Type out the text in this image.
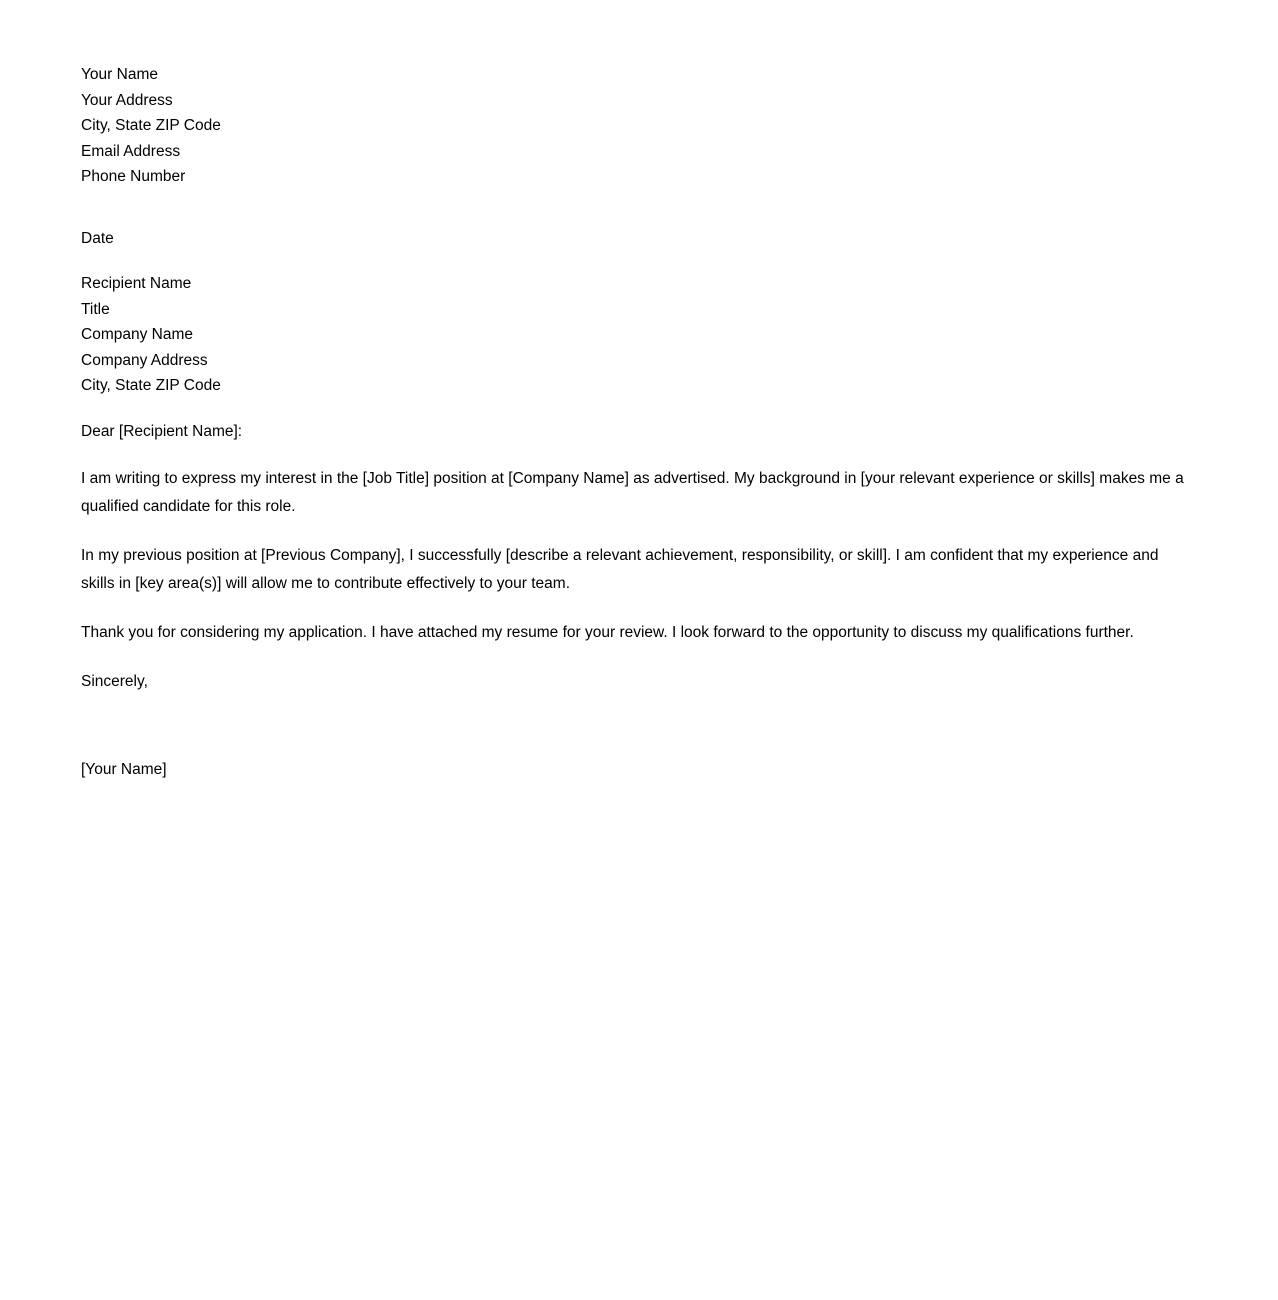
Your Name
Your Address
City, State ZIP Code
Email Address
Phone Number
Date
Recipient Name
Title
Company Name
Company Address
City, State ZIP Code
Dear [Recipient Name]:

I am writing to express my interest in the [Job Title] position at [Company Name] as advertised. My background in [your relevant experience or skills] makes me a qualified candidate for this role.

In my previous position at [Previous Company], I successfully [describe a relevant achievement, responsibility, or skill]. I am confident that my experience and skills in [key area(s)] will allow me to contribute effectively to your team.

Thank you for considering my application. I have attached my resume for your review. I look forward to the opportunity to discuss my qualifications further.

Sincerely,
[Your Name]
